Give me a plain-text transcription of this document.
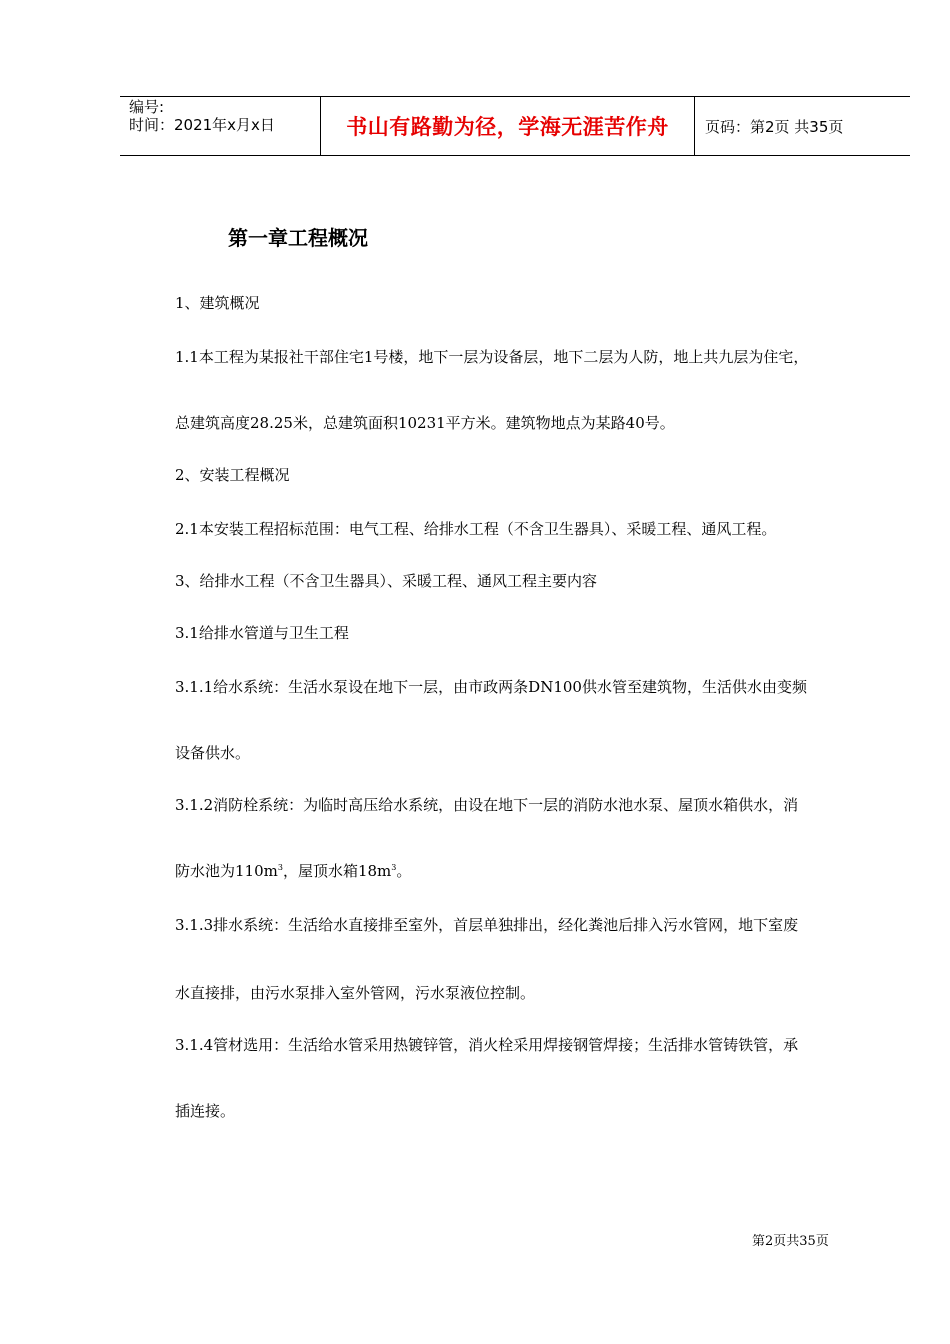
编号:
时间：2021年x月x日	书山有路勤为径，学海无涯苦作舟 页码：第2页 共35页
第一章工程概况
1、建筑概况
1.1本工程为某报社干部住宅1号楼，地下一层为设备层，地下二层为人防，地上共九层为住宅，
总建筑高度28.25米，总建筑面积10231平方米。建筑物地点为某路40号。
2、安装工程概况
2.1本安装工程招标范围：电气工程、给排水工程（不含卫生器具）、采暖工程、通风工程。
3、给排水工程（不含卫生器具）、采暖工程、通风工程主要内容
3.1给排水管道与卫生工程
3.1.1给水系统：生活水泵设在地下一层，由市政两条DN100供水管至建筑物，生活供水由变频
设备供水。
3.1.2消防栓系统：为临时高压给水系统，由设在地下一层的消防水池水泵、屋顶水箱供水，消
防水池为$110m^3$，屋顶水箱$18m^3$。
3.1.3排水系统：生活给水直接排至室外，首层单独排出，经化粪池后排入污水管网，地下室废
水直接排，由污水泵排入室外管网，污水泵液位控制。
3.1.4管材选用：生活给水管采用热镀锌管，消火栓采用焊接钢管焊接；生活排水管铸铁管，承
插连接。
第2页共35页
